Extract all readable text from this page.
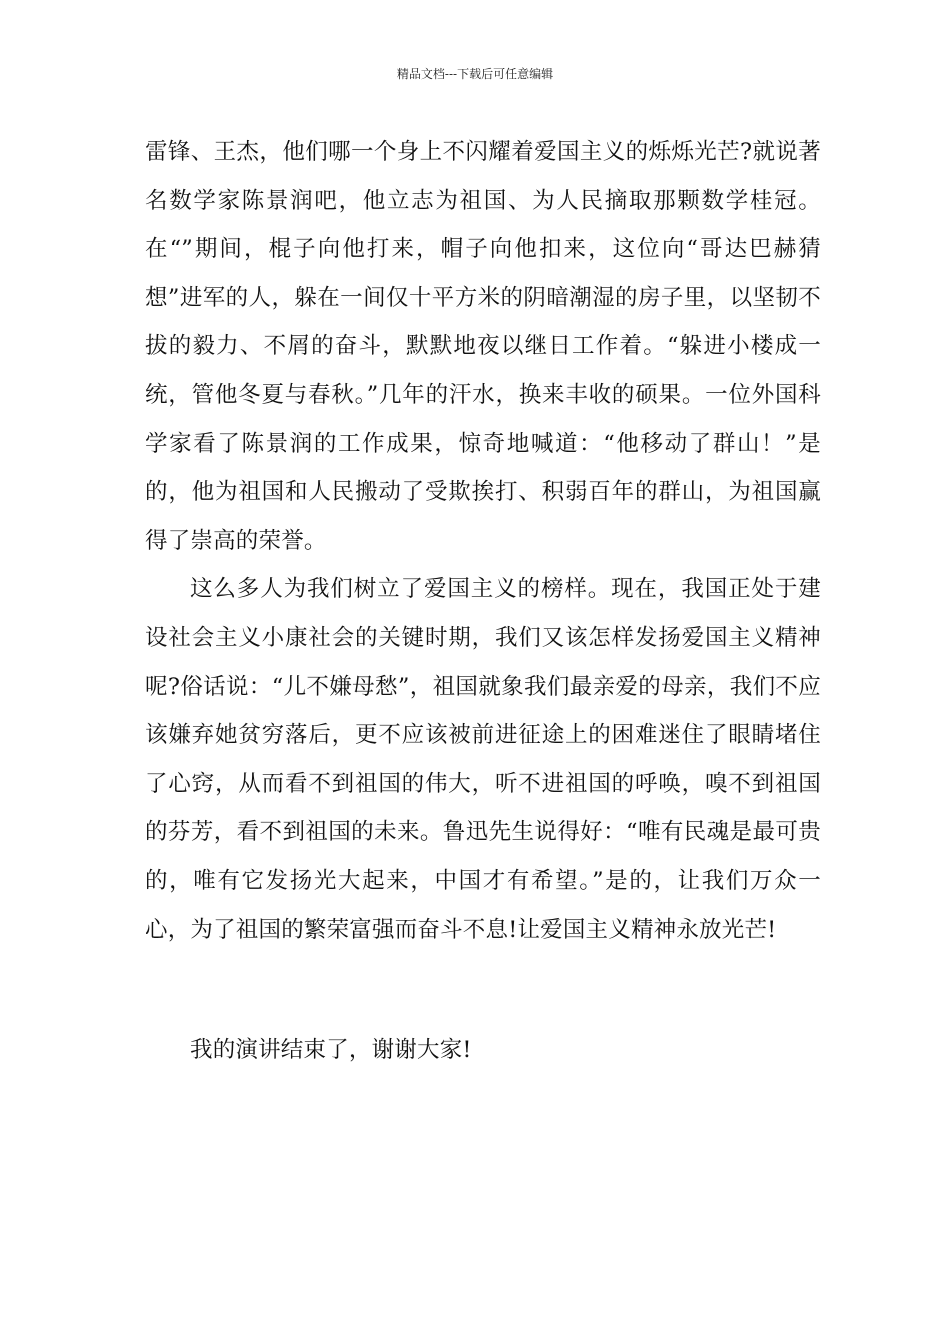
精品文档---下载后可任意编辑

雷锋、王杰，他们哪一个身上不闪耀着爱国主义的烁烁光芒?就说著名数学家陈景润吧，他立志为祖国、为人民摘取那颗数学桂冠。在“”期间，棍子向他打来，帽子向他扣来，这位向“哥达巴赫猜想”进军的人，躲在一间仅十平方米的阴暗潮湿的房子里，以坚韧不拔的毅力、不屑的奋斗，默默地夜以继日工作着。“躲进小楼成一统，管他冬夏与春秋。”几年的汗水，换来丰收的硕果。一位外国科学家看了陈景润的工作成果，惊奇地喊道：“他移动了群山！”是的，他为祖国和人民搬动了受欺挨打、积弱百年的群山，为祖国赢得了崇高的荣誉。

这么多人为我们树立了爱国主义的榜样。现在，我国正处于建设社会主义小康社会的关键时期，我们又该怎样发扬爱国主义精神呢?俗话说：“儿不嫌母愁”，祖国就象我们最亲爱的母亲，我们不应该嫌弃她贫穷落后，更不应该被前进征途上的困难迷住了眼睛堵住了心窍，从而看不到祖国的伟大，听不进祖国的呼唤，嗅不到祖国的芬芳，看不到祖国的未来。鲁迅先生说得好：“唯有民魂是最可贵的，唯有它发扬光大起来，中国才有希望。”是的，让我们万众一心，为了祖国的繁荣富强而奋斗不息!让爱国主义精神永放光芒!

我的演讲结束了，谢谢大家!
